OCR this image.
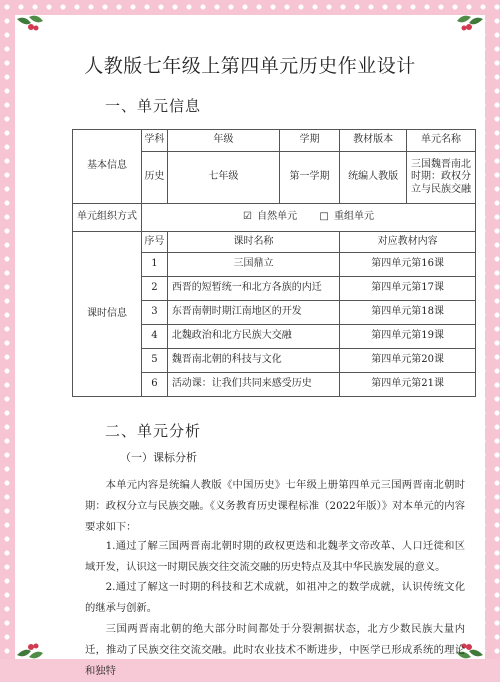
人教版七年级上第四单元历史作业设计
一、单元信息
基本信息	学科	年级	学期	教材版本	单元名称
	历史	七年级	第一学期	统编人教版	三国魏晋南北时期：政权分立与民族交融
单元组织方式	☑ 自然单元 □ 重组单元				
课时信息	序号	课时名称		对应教材内容	
	1	三国鼎立		第四单元第16课	
	2	西晋的短暂统一和北方各族的内迁		第四单元第17课	
	3	东晋南朝时期江南地区的开发		第四单元第18课	
	4	北魏政治和北方民族大交融		第四单元第19课	
	5	魏晋南北朝的科技与文化		第四单元第20课	
	6	活动课：让我们共同来感受历史		第四单元第21课	
二、单元分析
（一）课标分析

本单元内容是统编人教版《中国历史》七年级上册第四单元三国两晋南北朝时期：政权分立与民族交融。《义务教育历史课程标准（2022年版）》对本单元的内容要求如下：

1.通过了解三国两晋南北朝时期的政权更迭和北魏孝文帝改革、人口迁徙和区域开发，认识这一时期民族交往交流交融的历史特点及其中华民族发展的意义。

2.通过了解这一时期的科技和艺术成就，如祖冲之的数学成就，认识传统文化的继承与创新。

三国两晋南北朝的绝大部分时间都处于分裂割据状态，北方少数民族大量内迁，推动了民族交往交流交融。此时农业技术不断进步，中医学已形成系统的理论和独特
